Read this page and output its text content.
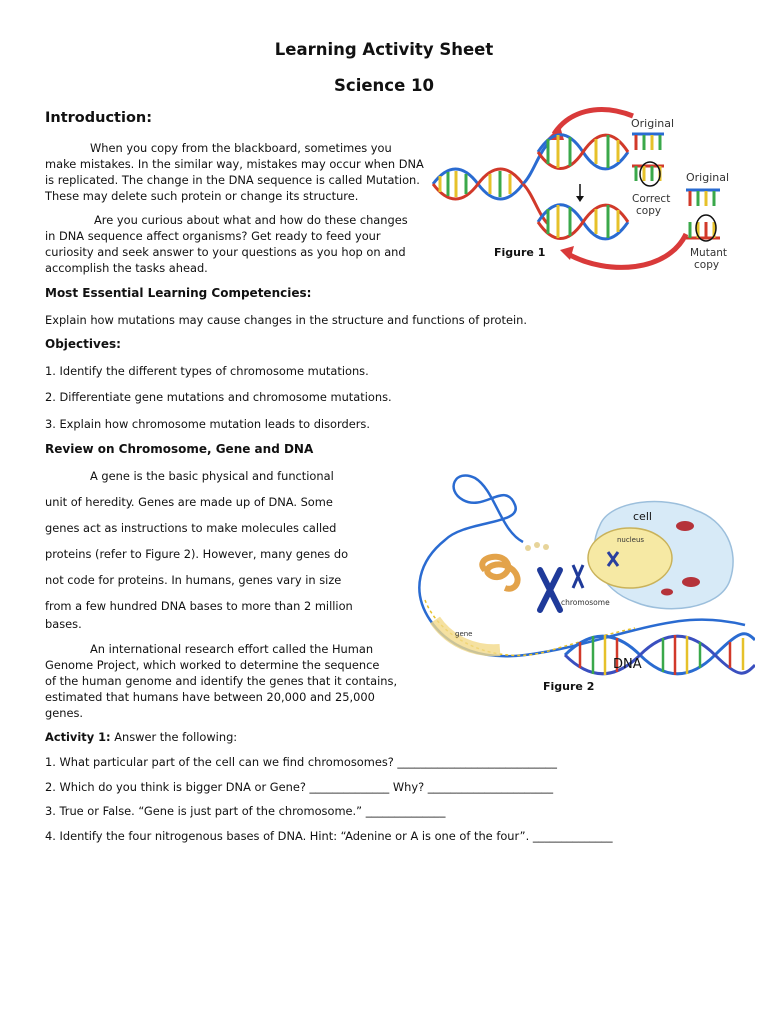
Learning Activity Sheet
Science 10
Introduction:
When you copy from the blackboard, sometimes you
make mistakes. In the similar way, mistakes may occur when DNA
is replicated. The change in the DNA sequence is called Mutation.
These may delete such protein or change its structure.
Are you curious about what and how do these changes
in DNA sequence affect organisms? Get ready to feed your
curiosity and seek answer to your questions as you hop on and
accomplish the tasks ahead.
Original
Correct
copy
Original
Mutant
copy
Figure 1
Most Essential Learning Competencies:
Explain how mutations may cause changes in the structure and functions of protein.
Objectives:
1. Identify the different types of chromosome mutations.
2. Differentiate gene mutations and chromosome mutations.
3. Explain how chromosome mutation leads to disorders.
Review on Chromosome, Gene and DNA
A gene is the basic physical and functional
unit of heredity. Genes are made up of DNA. Some
genes act as instructions to make molecules called
proteins (refer to Figure 2). However, many genes do
not code for proteins. In humans, genes vary in size
from a few hundred DNA bases to more than 2 million
bases.
An international research effort called the Human
Genome Project, which worked to determine the sequence
of the human genome and identify the genes that it contains,
estimated that humans have between 20,000 and 25,000
genes.
cell
nucleus
chromosome
gene
DNA
Figure 2
Activity 1: Answer the following:
1. What particular part of the cell can we find chromosomes? ____________________________
2. Which do you think is bigger DNA or Gene? ______________ Why? ______________________
3. True or False. “Gene is just part of the chromosome.” ______________
4. Identify the four nitrogenous bases of DNA. Hint: “Adenine or A is one of the four”. ______________
